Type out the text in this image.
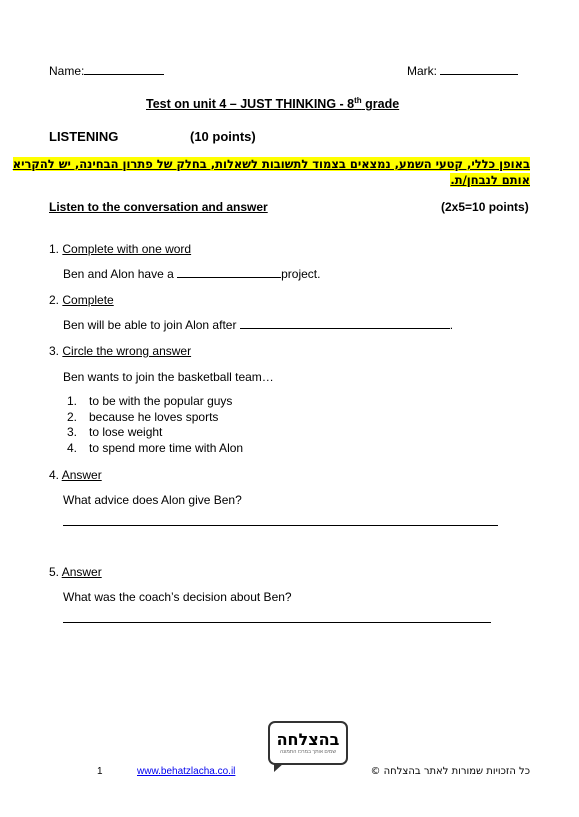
Name:	Mark:
Test on unit 4 – JUST THINKING - 8th grade
LISTENING	(10 points)
באופן כללי, קטעי השמע, נמצאים בצמוד לתשובות לשאלות, בחלק של פתרון הבחינה, יש להקריא
אותם לנבחן/ת.
Listen to the conversation and answer	(2x5=10 points)
1. Complete with one word
Ben and Alon have a	project.
2. Complete
Ben will be able to join Alon after	.
3. Circle the wrong answer
Ben wants to join the basketball team…
1. to be with the popular guys
2. because he loves sports
3. to lose weight
4. to spend more time with Alon
4. Answer
What advice does Alon give Ben?
5. Answer
What was the coach’s decision about Ben?
בהצלחה
שמים אותך במרכז התמונה
1	www.behatzlacha.co.il	כל הזכויות שמורות לאתר בהצלחה ©
